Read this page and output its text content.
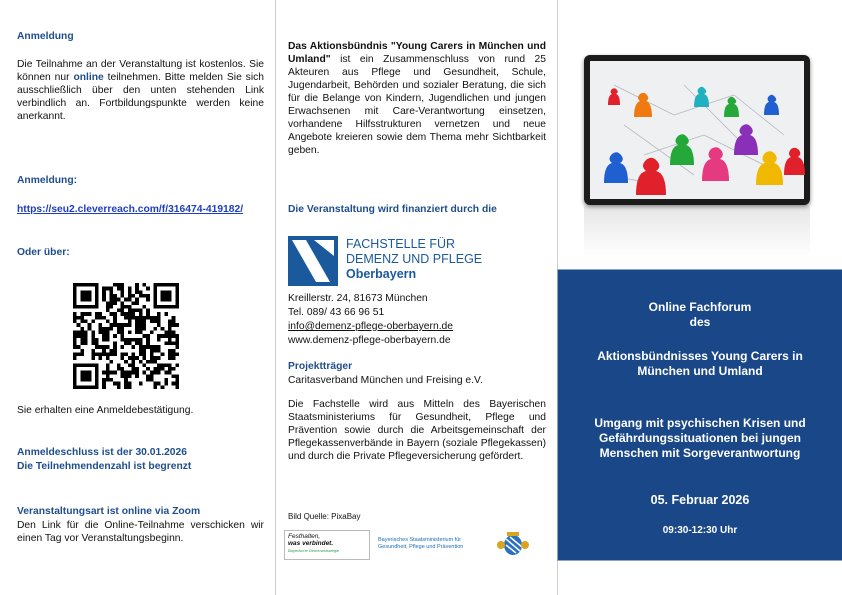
Anmeldung

Die Teilnahme an der Veranstaltung ist kostenlos. Sie können nur online teilnehmen. Bitte melden Sie sich ausschließlich über den unten stehenden Link verbindlich an. Fortbildungspunkte werden keine anerkannt.

Anmeldung:

https://seu2.cleverreach.com/f/316474-419182/

Oder über:

Sie erhalten eine Anmeldebestätigung.

Anmeldeschluss ist der 30.01.2026

Die Teilnehmendenzahl ist begrenzt

Veranstaltungsart ist online via Zoom

Den Link für die Online-Teilnahme verschicken wir einen Tag vor Veranstaltungsbeginn.

Das Aktionsbündnis "Young Carers in München und Umland" ist ein Zusammenschluss von rund 25 Akteuren aus Pflege und Gesundheit, Schule, Jugendarbeit, Behörden und sozialer Beratung, die sich für die Belange von Kindern, Jugendlichen und jungen Erwachsenen mit Care-Verantwortung einsetzen, vorhandene Hilfsstrukturen vernetzen und neue Angebote kreieren sowie dem Thema mehr Sichtbarkeit geben.

Die Veranstaltung wird finanziert durch die

FACHSTELLE FÜR
DEMENZ UND PFLEGE
Oberbayern

Kreillerstr. 24, 81673 München

Tel. 089/ 43 66 96 51

info@demenz-pflege-oberbayern.de

www.demenz-pflege-oberbayern.de

Projektträger

Caritasverband München und Freising e.V.

Die Fachstelle wird aus Mitteln des Bayerischen Staatsministeriums für Gesundheit, Pflege und Prävention sowie durch die Arbeitsgemeinschaft der Pflegekassenverbände in Bayern (soziale Pflegekassen) und durch die Private Pflegeversicherung gefördert.

Bild Quelle: PixaBay

Festhalten,
was verbindet.
Bayerische Demenzstrategie
Bayerisches Staatsministerium für
Gesundheit, Pflege und Prävention

Online Fachforum

des

Aktionsbündnisses Young Carers in München und Umland

Umgang mit psychischen Krisen und Gefährdungssituationen bei jungen Menschen mit Sorgeverantwortung

05. Februar 2026

09:30-12:30 Uhr
